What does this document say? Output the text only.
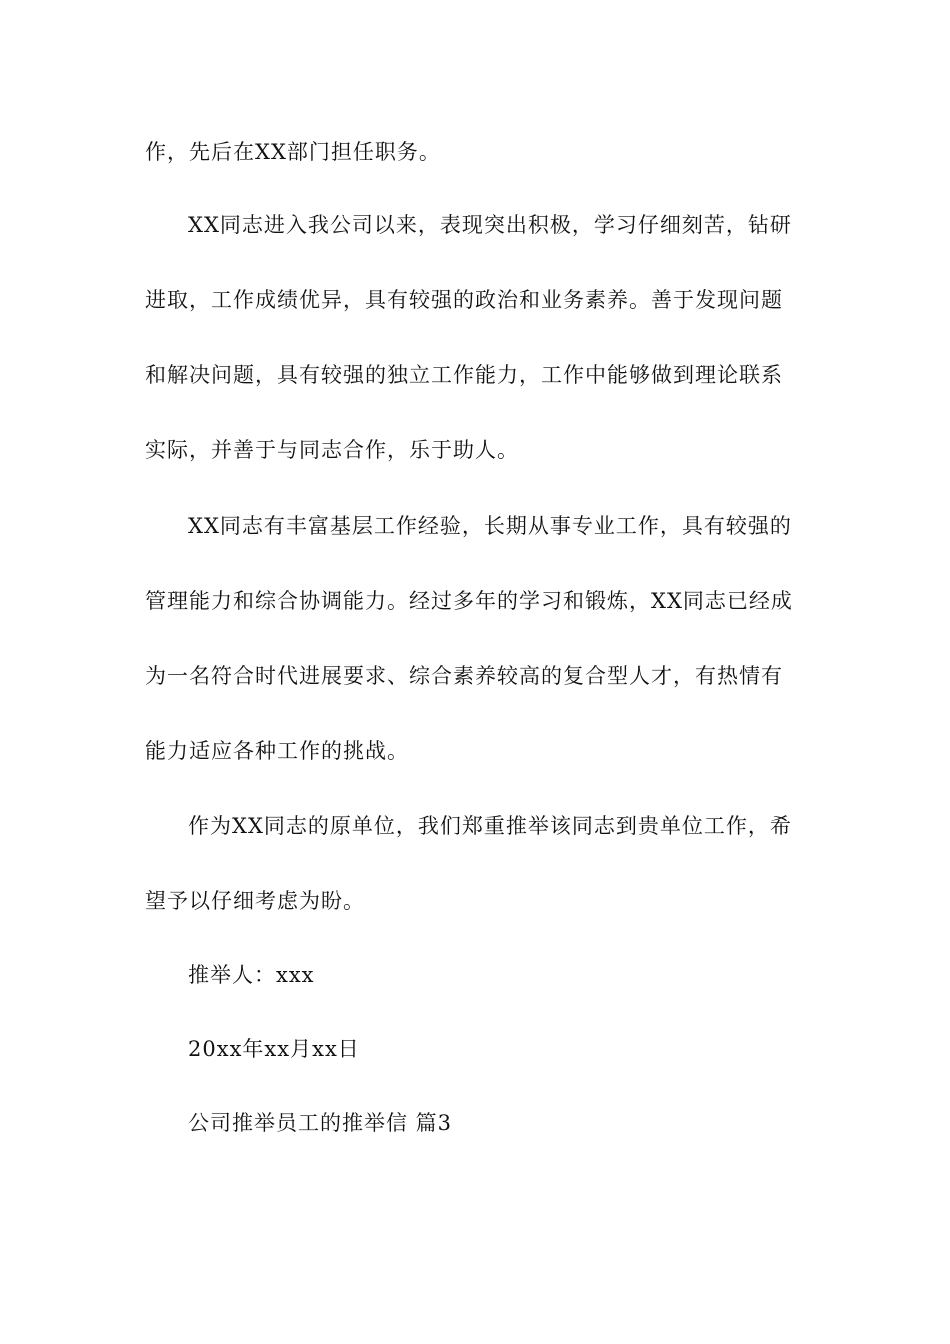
作，先后在XX部门担任职务。
XX同志进入我公司以来，表现突出积极，学习仔细刻苦，钻研
进取，工作成绩优异，具有较强的政治和业务素养。善于发现问题
和解决问题，具有较强的独立工作能力，工作中能够做到理论联系
实际，并善于与同志合作，乐于助人。
XX同志有丰富基层工作经验，长期从事专业工作，具有较强的
管理能力和综合协调能力。经过多年的学习和锻炼，XX同志已经成
为一名符合时代进展要求、综合素养较高的复合型人才，有热情有
能力适应各种工作的挑战。
作为XX同志的原单位，我们郑重推举该同志到贵单位工作，希
望予以仔细考虑为盼。
推举人：xxx
20xx年xx月xx日
公司推举员工的推举信 篇3
